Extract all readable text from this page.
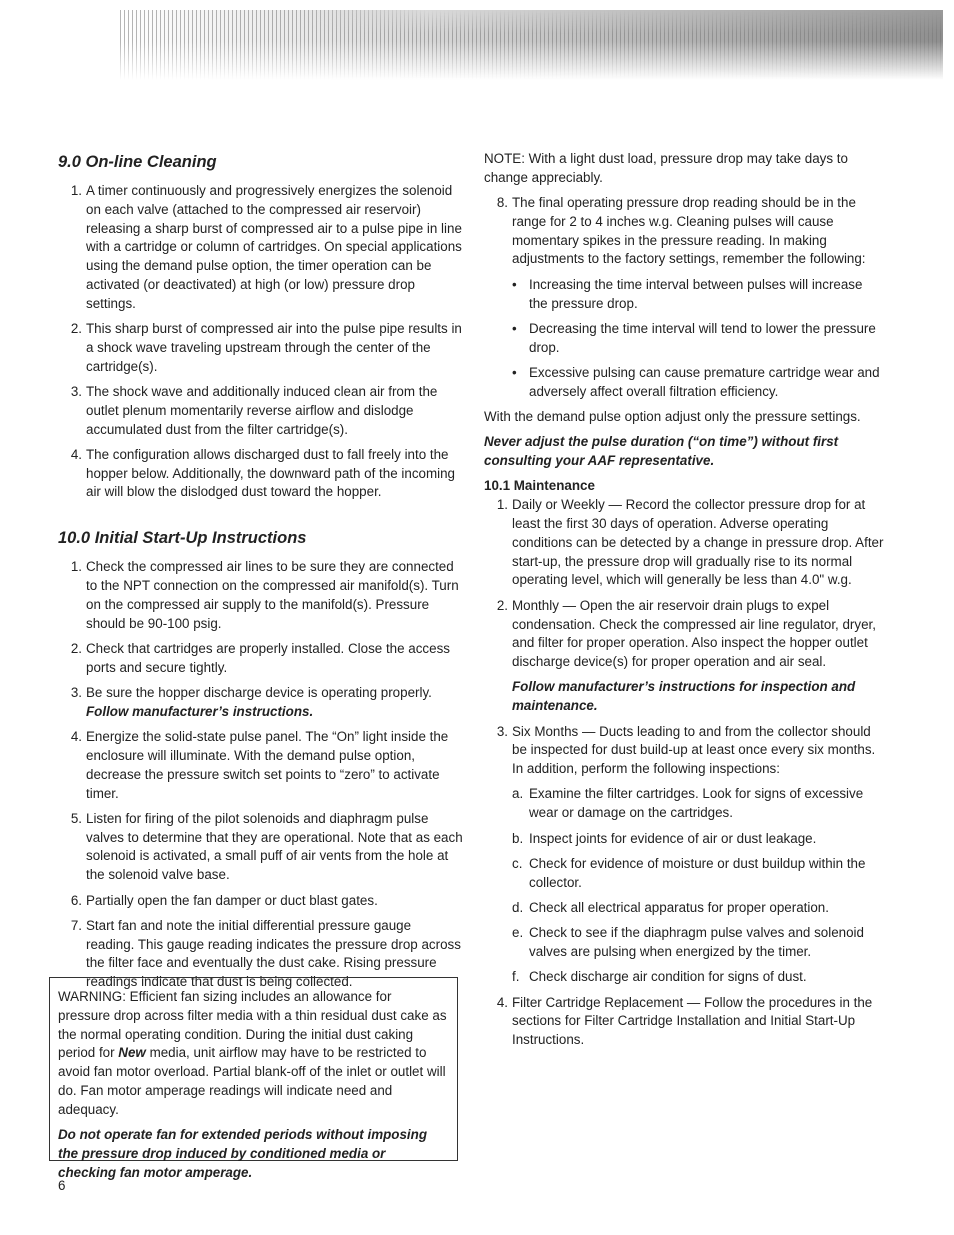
9.0 On-line Cleaning
1. A timer continuously and progressively energizes the solenoid on each valve (attached to the compressed air reservoir) releasing a sharp burst of compressed air to a pulse pipe in line with a cartridge or column of cartridges. On special applications using the demand pulse option, the timer operation can be activated (or deactivated) at high (or low) pressure drop settings.
2. This sharp burst of compressed air into the pulse pipe results in a shock wave traveling upstream through the center of the cartridge(s).
3. The shock wave and additionally induced clean air from the outlet plenum momentarily reverse airflow and dislodge accumulated dust from the filter cartridge(s).
4. The configuration allows discharged dust to fall freely into the hopper below. Additionally, the downward path of the incoming air will blow the dislodged dust toward the hopper.
10.0 Initial Start-Up Instructions
1. Check the compressed air lines to be sure they are connected to the NPT connection on the compressed air manifold(s). Turn on the compressed air supply to the manifold(s). Pressure should be 90-100 psig.
2. Check that cartridges are properly installed. Close the access ports and secure tightly.
3. Be sure the hopper discharge device is operating properly.
Follow manufacturer’s instructions.
4. Energize the solid-state pulse panel. The “On” light inside the enclosure will illuminate. With the demand pulse option, decrease the pressure switch set points to “zero” to activate timer.
5. Listen for firing of the pilot solenoids and diaphragm pulse valves to determine that they are operational. Note that as each solenoid is activated, a small puff of air vents from the hole at the solenoid valve base.
6. Partially open the fan damper or duct blast gates.
7. Start fan and note the initial differential pressure gauge reading. This gauge reading indicates the pressure drop across the filter face and eventually the dust cake. Rising pressure readings indicate that dust is being collected.

WARNING: Efficient fan sizing includes an allowance for pressure drop across filter media with a thin residual dust cake as the normal operating condition. During the initial dust caking period for New media, unit airflow may have to be restricted to avoid fan motor overload. Partial blank-off of the inlet or outlet will do. Fan motor amperage readings will indicate need and adequacy.

Do not operate fan for extended periods without imposing the pressure drop induced by conditioned media or checking fan motor amperage.

NOTE: With a light dust load, pressure drop may take days to change appreciably.

8. The final operating pressure drop reading should be in the range for 2 to 4 inches w.g. Cleaning pulses will cause momentary spikes in the pressure reading. In making adjustments to the factory settings, remember the following:
• Increasing the time interval between pulses will increase the pressure drop.
• Decreasing the time interval will tend to lower the pressure drop.
• Excessive pulsing can cause premature cartridge wear and adversely affect overall filtration efficiency.

With the demand pulse option adjust only the pressure settings.

Never adjust the pulse duration (“on time”) without first consulting your AAF representative.

10.1 Maintenance
1. Daily or Weekly — Record the collector pressure drop for at least the first 30 days of operation. Adverse operating conditions can be detected by a change in pressure drop. After start-up, the pressure drop will gradually rise to its normal operating level, which will generally be less than 4.0" w.g.
2. Monthly — Open the air reservoir drain plugs to expel condensation. Check the compressed air line regulator, dryer, and filter for proper operation. Also inspect the hopper outlet discharge device(s) for proper operation and air seal.

Follow manufacturer’s instructions for inspection and maintenance.

3. Six Months — Ducts leading to and from the collector should be inspected for dust build-up at least once every six months. In addition, perform the following inspections:
a. Examine the filter cartridges. Look for signs of excessive wear or damage on the cartridges.
b. Inspect joints for evidence of air or dust leakage.
c. Check for evidence of moisture or dust buildup within the collector.
d. Check all electrical apparatus for proper operation.
e. Check to see if the diaphragm pulse valves and solenoid valves are pulsing when energized by the timer.
f. Check discharge air condition for signs of dust.
4. Filter Cartridge Replacement — Follow the procedures in the sections for Filter Cartridge Installation and Initial Start-Up Instructions.
6
